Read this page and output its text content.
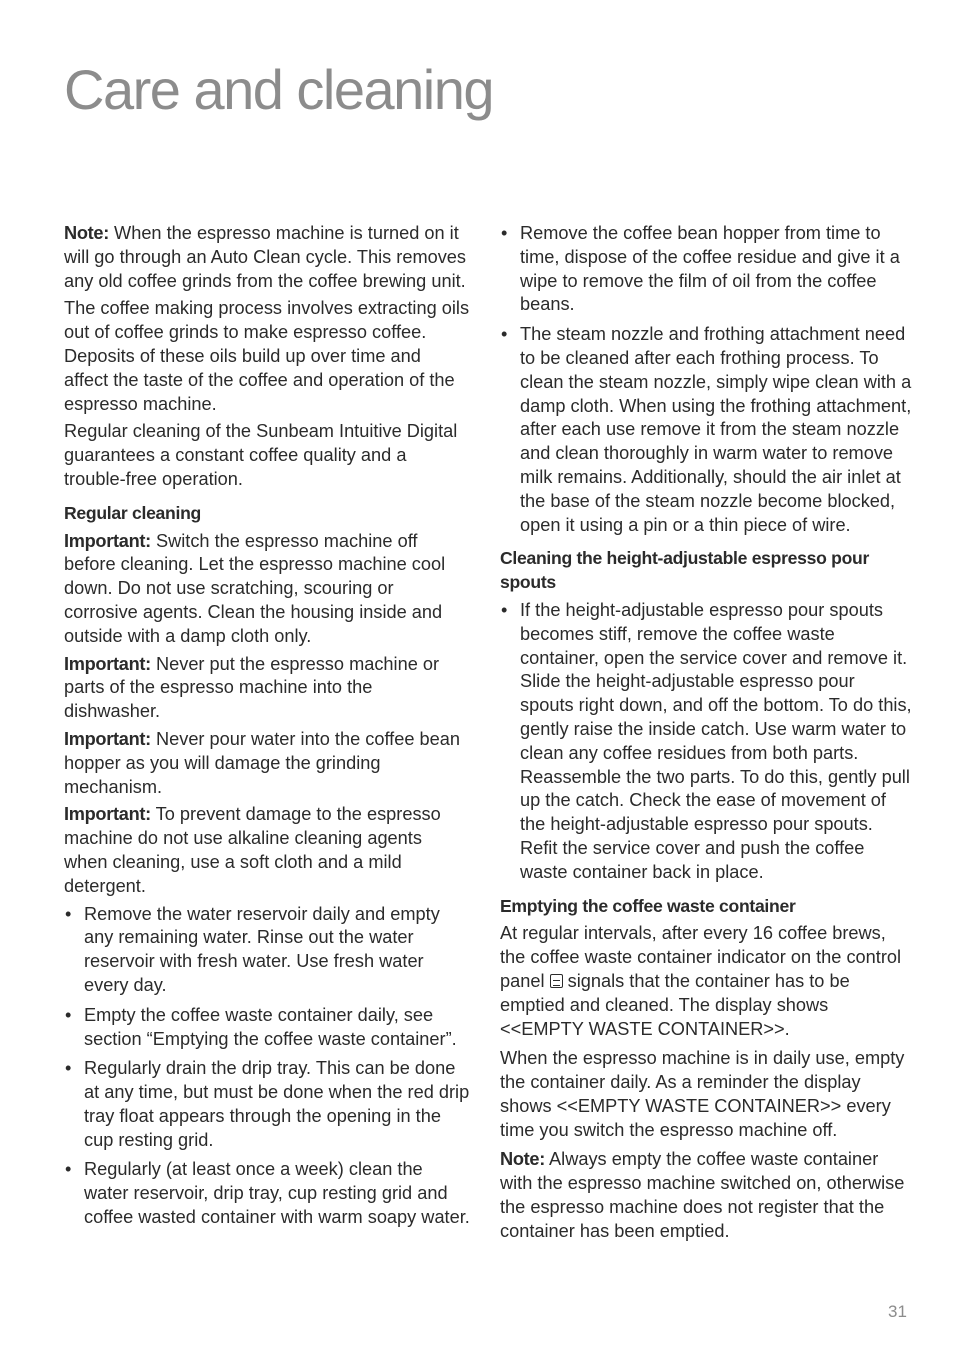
Care and cleaning

Note: When the espresso machine is turned on it will go through an Auto Clean cycle. This removes any old coffee grinds from the coffee brewing unit.

The coffee making process involves extracting oils out of coffee grinds to make espresso coffee. Deposits of these oils build up over time and affect the taste of the coffee and operation of the espresso machine.

Regular cleaning of the Sunbeam Intuitive Digital guarantees a constant coffee quality and a trouble-free operation.

Regular cleaning

Important: Switch the espresso machine off before cleaning. Let the espresso machine cool down. Do not use scratching, scouring or corrosive agents. Clean the housing inside and outside with a damp cloth only.

Important: Never put the espresso machine or parts of the espresso machine into the dishwasher.

Important: Never pour water into the coffee bean hopper as you will damage the grinding mechanism.

Important: To prevent damage to the espresso machine do not use alkaline cleaning agents when cleaning, use a soft cloth and a mild detergent.

• Remove the water reservoir daily and empty any remaining water. Rinse out the water reservoir with fresh water. Use fresh water every day.
• Empty the coffee waste container daily, see section “Emptying the coffee waste container”.
• Regularly drain the drip tray. This can be done at any time, but must be done when the red drip tray float appears through the opening in the cup resting grid.
• Regularly (at least once a week) clean the water reservoir, drip tray, cup resting grid and coffee wasted container with warm soapy water.
• Remove the coffee bean hopper from time to time, dispose of the coffee residue and give it a wipe to remove the film of oil from the coffee beans.
• The steam nozzle and frothing attachment need to be cleaned after each frothing process. To clean the steam nozzle, simply wipe clean with a damp cloth. When using the frothing attachment, after each use remove it from the steam nozzle and clean thoroughly in warm water to remove milk remains. Additionally, should the air inlet at the base of the steam nozzle become blocked, open it using a pin or a thin piece of wire.
Cleaning the height-adjustable espresso pour spouts
• If the height-adjustable espresso pour spouts becomes stiff, remove the coffee waste container, open the service cover and remove it. Slide the height-adjustable espresso pour spouts right down, and off the bottom. To do this, gently raise the inside catch. Use warm water to clean any coffee residues from both parts. Reassemble the two parts. To do this, gently pull up the catch. Check the ease of movement of the height-adjustable espresso pour spouts. Refit the service cover and push the coffee waste container back in place.
Emptying the coffee waste container

At regular intervals, after every 16 coffee brews, the coffee waste container indicator on the control panel  signals that the container has to be emptied and cleaned. The display shows <<EMPTY WASTE CONTAINER>>.

When the espresso machine is in daily use, empty the container daily. As a reminder the display shows <<EMPTY WASTE CONTAINER>> every time you switch the espresso machine off.

Note: Always empty the coffee waste container with the espresso machine switched on, otherwise the espresso machine does not register that the container has been emptied.

31
